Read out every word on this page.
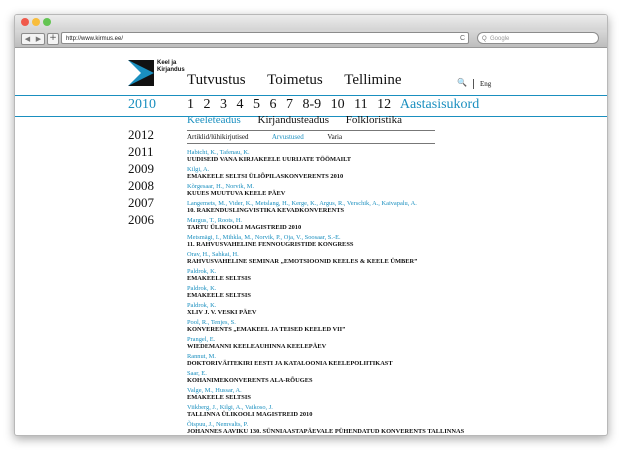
◀ ▶ +	http://www.kirmus.ee/	C	Q Google
Keel ja
Kirjandus
Tutvustus Toimetus Tellimine	🔍	Eng
2010 1 2 3 4 5 6 7 8-9 10 11 12 Aastasisukord
2012
2011
2009
2008
2007
2006
Keeleteadus Kirjandusteadus Folkloristika
Artiklid/lühikirjutised	Arvustused	Varia
Habicht, K., Tafenau, K.
UUDISEID VANA KIRJAKEELE UURIJATE TÖÖMAILT
Kilgi, A.
EMAKEELE SELTSI ÜLIÕPILASKONVERENTS 2010
Kõrgesaar, H., Norvik, M.
KUUES MUUTUVA KEELE PÄEV
Langemets, M., Vider, K., Metslang, H., Kerge, K., Argus, R., Verschik, A., Kaivapalu, A.
10. RAKENDUSLINGVISTIKA KEVADKONVERENTS
Margus, T., Roots, H.
TARTU ÜLIKOOLI MAGISTREID 2010
Metsmägi, I., Mihkla, M., Norvik, P., Oja, V., Soosaar, S.-E.
11. RAHVUSVAHELINE FENNOUGRISTIDE KONGRESS
Orav, H., Sahkai, H.
RAHVUSVAHELINE SEMINAR „EMOTSIOONID KEELES & KEELE ÜMBER”
Paldrok, K.
EMAKEELE SELTSIS
Paldrok, K.
EMAKEELE SELTSIS
Paldrok, K.
XLIV J. V. VESKI PÄEV
Pool, R., Tenjes, S.
KONVERENTS „EMAKEEL JA TEISED KEELED VII”
Prangel, E.
WIEDEMANNI KEELEAUHINNA KEELEPÄEV
Rannut, M.
DOKTORIVÄITEKIRI EESTI JA KATALOONIA KEELEPOLIITIKAST
Saar, E.
KOHANIMEKONVERENTS ALA-RÕUGES
Valge, M., Hussar, A.
EMAKEELE SELTSIS
Viikberg, J., Kilgi, A., Vaikoso, J.
TALLINNA ÜLIKOOLI MAGISTREID 2010
Õispuu, J., Nemvalts, P.
JOHANNES AAVIKU 130. SÜNNIAASTAPÄEVALE PÜHENDATUD KONVERENTS TALLINNAS
